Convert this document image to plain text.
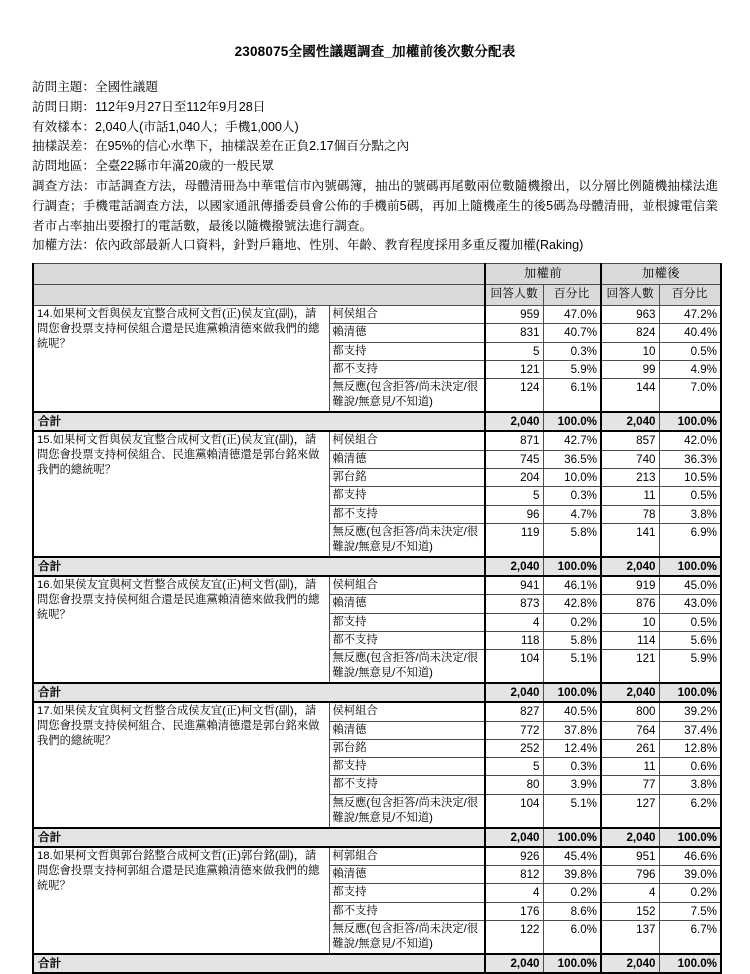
2308075全國性議題調查_加權前後次數分配表
訪問主題：全國性議題
訪問日期：112年9月27日至112年9月28日
有效樣本：2,040人(市話1,040人；手機1,000人)
抽樣誤差：在95%的信心水準下，抽樣誤差在正負2.17個百分點之內
訪問地區：全臺22縣市年滿20歲的一般民眾
調查方法：市話調查方法，母體清冊為中華電信市內號碼簿，抽出的號碼再尾數兩位數隨機撥出，以分層比例隨機抽樣法進行調查；手機電話調查方法，以國家通訊傳播委員會公佈的手機前5碼，再加上隨機產生的後5碼為母體清冊，並根據電信業者市占率抽出要撥打的電話數，最後以隨機撥號法進行調查。
加權方法：依內政部最新人口資料，針對戶籍地、性別、年齡、教育程度採用多重反覆加權(Raking)
		加權前		加權後	
		回答人數	百分比	回答人數	百分比
14.如果柯文哲與侯友宜整合成柯文哲(正)侯友宜(副)，請問您會投票支持柯侯組合還是民進黨賴清德來做我們的總統呢？	柯侯組合	959	47.0%	963	47.2%
	賴清德	831	40.7%	824	40.4%
	都支持	5	0.3%	10	0.5%
	都不支持	121	5.9%	99	4.9%
	無反應(包含拒答/尚未決定/很難說/無意見/不知道)	124	6.1%	144	7.0%
合計		2,040	100.0%	2,040	100.0%
15.如果柯文哲與侯友宜整合成柯文哲(正)侯友宜(副)，請問您會投票支持柯侯組合、民進黨賴清德還是郭台銘來做我們的總統呢？	柯侯組合	871	42.7%	857	42.0%
	賴清德	745	36.5%	740	36.3%
	郭台銘	204	10.0%	213	10.5%
	都支持	5	0.3%	11	0.5%
	都不支持	96	4.7%	78	3.8%
	無反應(包含拒答/尚未決定/很難說/無意見/不知道)	119	5.8%	141	6.9%
合計		2,040	100.0%	2,040	100.0%
16.如果侯友宜與柯文哲整合成侯友宜(正)柯文哲(副)，請問您會投票支持侯柯組合還是民進黨賴清德來做我們的總統呢？	侯柯組合	941	46.1%	919	45.0%
	賴清德	873	42.8%	876	43.0%
	都支持	4	0.2%	10	0.5%
	都不支持	118	5.8%	114	5.6%
	無反應(包含拒答/尚未決定/很難說/無意見/不知道)	104	5.1%	121	5.9%
合計		2,040	100.0%	2,040	100.0%
17.如果侯友宜與柯文哲整合成侯友宜(正)柯文哲(副)，請問您會投票支持侯柯組合、民進黨賴清德還是郭台銘來做我們的總統呢？	侯柯組合	827	40.5%	800	39.2%
	賴清德	772	37.8%	764	37.4%
	郭台銘	252	12.4%	261	12.8%
	都支持	5	0.3%	11	0.6%
	都不支持	80	3.9%	77	3.8%
	無反應(包含拒答/尚未決定/很難說/無意見/不知道)	104	5.1%	127	6.2%
合計		2,040	100.0%	2,040	100.0%
18.如果柯文哲與郭台銘整合成柯文哲(正)郭台銘(副)，請問您會投票支持柯郭組合還是民進黨賴清德來做我們的總統呢？	柯郭組合	926	45.4%	951	46.6%
	賴清德	812	39.8%	796	39.0%
	都支持	4	0.2%	4	0.2%
	都不支持	176	8.6%	152	7.5%
	無反應(包含拒答/尚未決定/很難說/無意見/不知道)	122	6.0%	137	6.7%
合計		2,040	100.0%	2,040	100.0%
